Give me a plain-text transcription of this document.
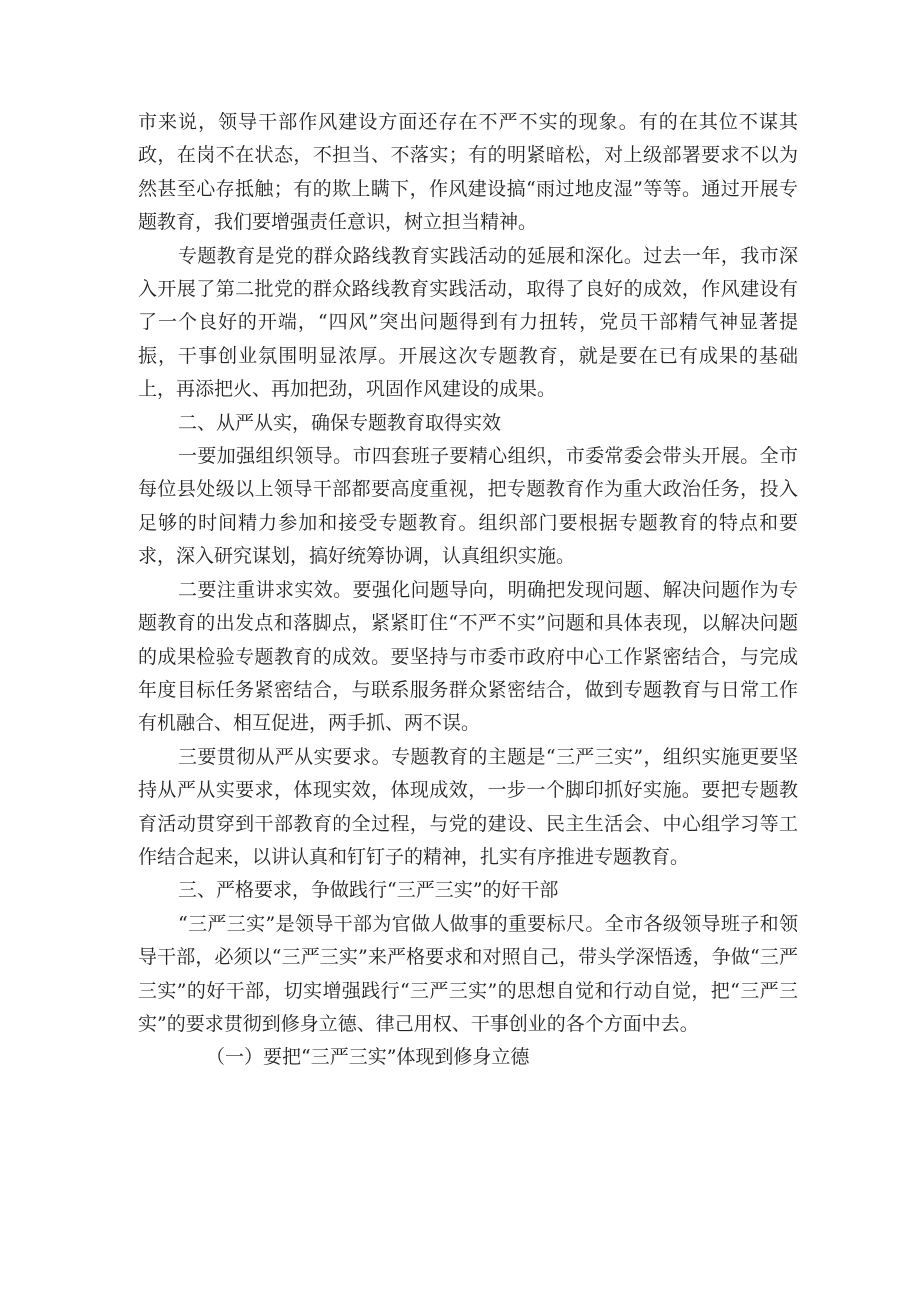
市来说，领导干部作风建设方面还存在不严不实的现象。有的在其位不谋其政，在岗不在状态，不担当、不落实；有的明紧暗松，对上级部署要求不以为然甚至心存抵触；有的欺上瞒下，作风建设搞“雨过地皮湿”等等。通过开展专题教育，我们要增强责任意识，树立担当精神。

专题教育是党的群众路线教育实践活动的延展和深化。过去一年，我市深入开展了第二批党的群众路线教育实践活动，取得了良好的成效，作风建设有了一个良好的开端，“四风”突出问题得到有力扭转，党员干部精气神显著提振，干事创业氛围明显浓厚。开展这次专题教育，就是要在已有成果的基础上，再添把火、再加把劲，巩固作风建设的成果。

二、从严从实，确保专题教育取得实效

一要加强组织领导。市四套班子要精心组织，市委常委会带头开展。全市每位县处级以上领导干部都要高度重视，把专题教育作为重大政治任务，投入足够的时间精力参加和接受专题教育。组织部门要根据专题教育的特点和要求，深入研究谋划，搞好统筹协调，认真组织实施。

二要注重讲求实效。要强化问题导向，明确把发现问题、解决问题作为专题教育的出发点和落脚点，紧紧盯住“不严不实”问题和具体表现，以解决问题的成果检验专题教育的成效。要坚持与市委市政府中心工作紧密结合，与完成年度目标任务紧密结合，与联系服务群众紧密结合，做到专题教育与日常工作有机融合、相互促进，两手抓、两不误。

三要贯彻从严从实要求。专题教育的主题是“三严三实”，组织实施更要坚持从严从实要求，体现实效，体现成效，一步一个脚印抓好实施。要把专题教育活动贯穿到干部教育的全过程，与党的建设、民主生活会、中心组学习等工作结合起来，以讲认真和钉钉子的精神，扎实有序推进专题教育。

三、严格要求，争做践行“三严三实”的好干部

“三严三实”是领导干部为官做人做事的重要标尺。全市各级领导班子和领导干部，必须以“三严三实”来严格要求和对照自己，带头学深悟透，争做“三严三实”的好干部，切实增强践行“三严三实”的思想自觉和行动自觉，把“三严三实”的要求贯彻到修身立德、律己用权、干事创业的各个方面中去。

（一）要把“三严三实”体现到修身立德
